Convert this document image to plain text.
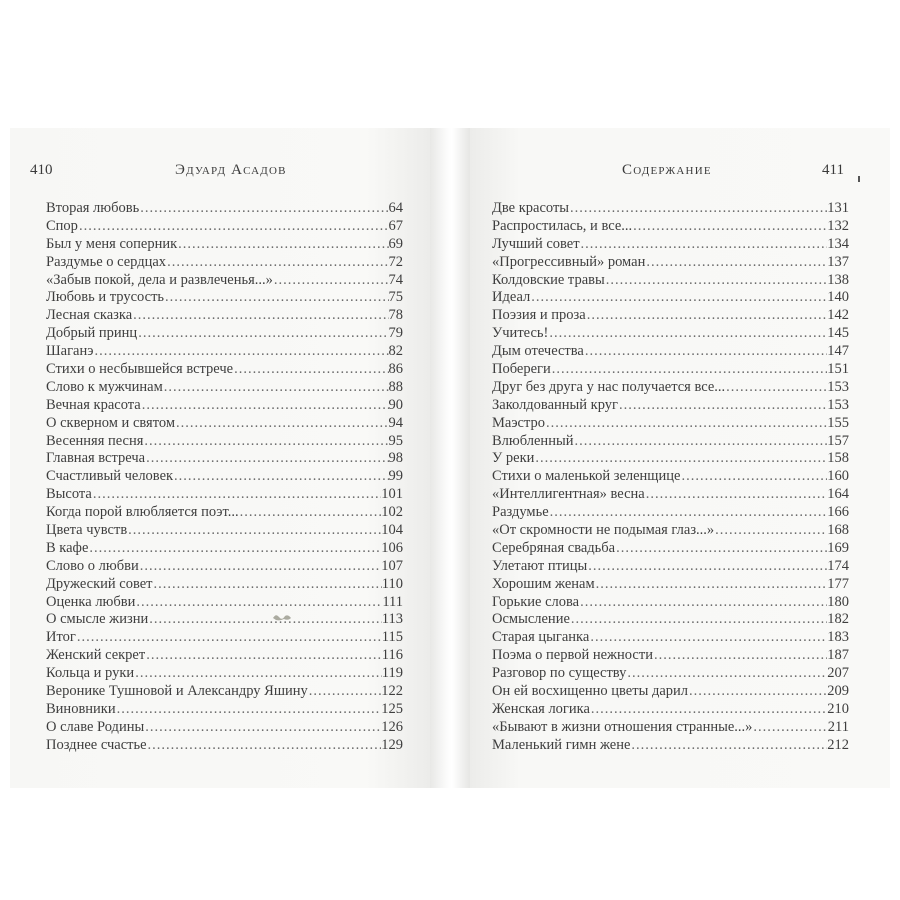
410	Эдуард Асадов	Содержание	411
Вторая любовь .....	64
Спор .....	67
Был у меня соперник .....	69
Раздумье о сердцах .....	72
«Забыв покой, дела и развлеченья...» .....	74
Любовь и трусость .....	75
Лесная сказка .....	78
Добрый принц .....	79
Шаганэ .....	82
Стихи о несбывшейся встрече .....	86
Слово к мужчинам .....	88
Вечная красота .....	90
О скверном и святом .....	94
Весенняя песня .....	95
Главная встреча .....	98
Счастливый человек .....	99
Высота .....	101
Когда порой влюбляется поэт... .....	102
Цвета чувств .....	104
В кафе .....	106
Слово о любви .....	107
Дружеский совет .....	110
Оценка любви .....	111
О смысле жизни .....	113
Итог .....	115
Женский секрет .....	116
Кольца и руки .....	119
Веронике Тушновой и Александру Яшину .....	122
Виновники .....	125
О славе Родины .....	126
Позднее счастье .....	129
Две красоты .....	131
Распростилась, и все... .....	132
Лучший совет .....	134
«Прогрессивный» роман .....	137
Колдовские травы .....	138
Идеал .....	140
Поэзия и проза .....	142
Учитесь! .....	145
Дым отечества .....	147
Побереги .....	151
Друг без друга у нас получается все... .....	153
Заколдованный круг .....	153
Маэстро .....	155
Влюбленный .....	157
У реки .....	158
Стихи о маленькой зеленщице .....	160
«Интеллигентная» весна .....	164
Раздумье .....	166
«От скромности не подымая глаз...» .....	168
Серебряная свадьба .....	169
Улетают птицы .....	174
Хорошим женам .....	177
Горькие слова .....	180
Осмысление .....	182
Старая цыганка .....	183
Поэма о первой нежности .....	187
Разговор по существу .....	207
Он ей восхищенно цветы дарил .....	209
Женская логика .....	210
«Бывают в жизни отношения странные...» .....	211
Маленький гимн жене .....	212
